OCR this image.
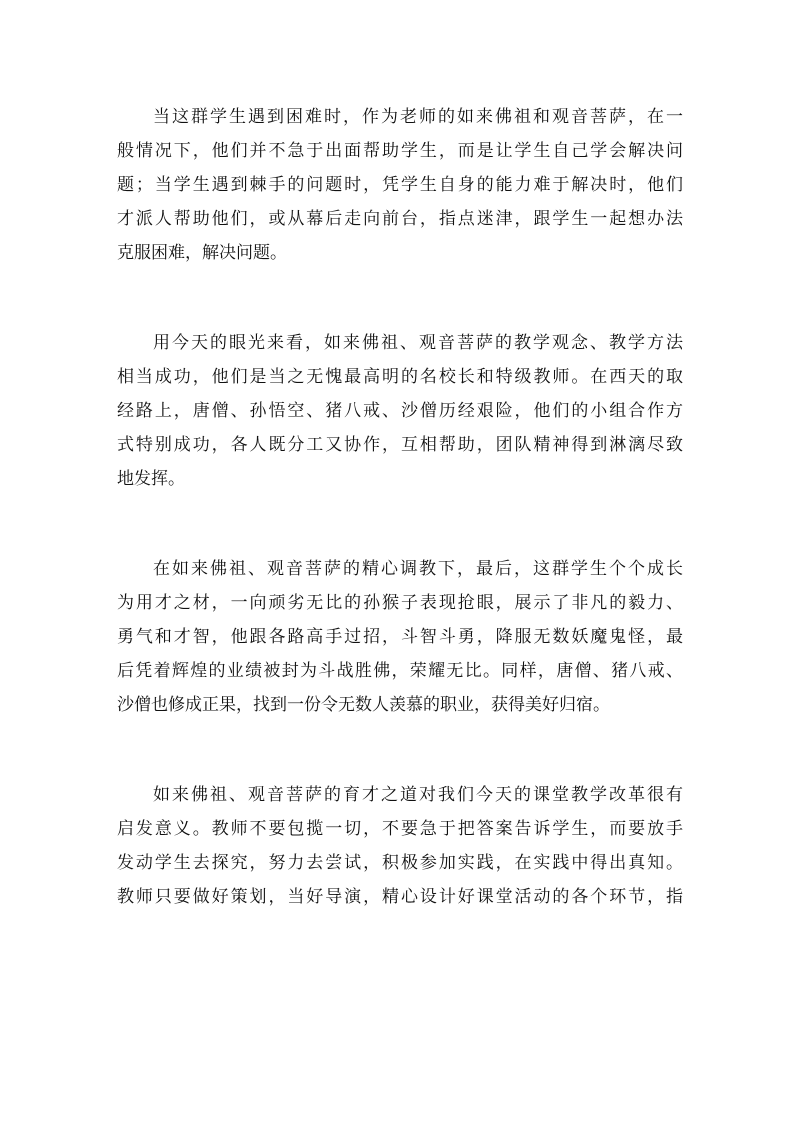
当这群学生遇到困难时，作为老师的如来佛祖和观音菩萨，在一
般情况下，他们并不急于出面帮助学生，而是让学生自己学会解决问
题；当学生遇到棘手的问题时，凭学生自身的能力难于解决时，他们
才派人帮助他们，或从幕后走向前台，指点迷津，跟学生一起想办法
克服困难，解决问题。

用今天的眼光来看，如来佛祖、观音菩萨的教学观念、教学方法
相当成功，他们是当之无愧最高明的名校长和特级教师。在西天的取
经路上，唐僧、孙悟空、猪八戒、沙僧历经艰险，他们的小组合作方
式特别成功，各人既分工又协作，互相帮助，团队精神得到淋漓尽致
地发挥。

在如来佛祖、观音菩萨的精心调教下，最后，这群学生个个成长
为用才之材，一向顽劣无比的孙猴子表现抢眼，展示了非凡的毅力、
勇气和才智，他跟各路高手过招，斗智斗勇，降服无数妖魔鬼怪，最
后凭着辉煌的业绩被封为斗战胜佛，荣耀无比。同样，唐僧、猪八戒、
沙僧也修成正果，找到一份令无数人羡慕的职业，获得美好归宿。

如来佛祖、观音菩萨的育才之道对我们今天的课堂教学改革很有
启发意义。教师不要包揽一切，不要急于把答案告诉学生，而要放手
发动学生去探究，努力去尝试，积极参加实践，在实践中得出真知。
教师只要做好策划，当好导演，精心设计好课堂活动的各个环节，指
